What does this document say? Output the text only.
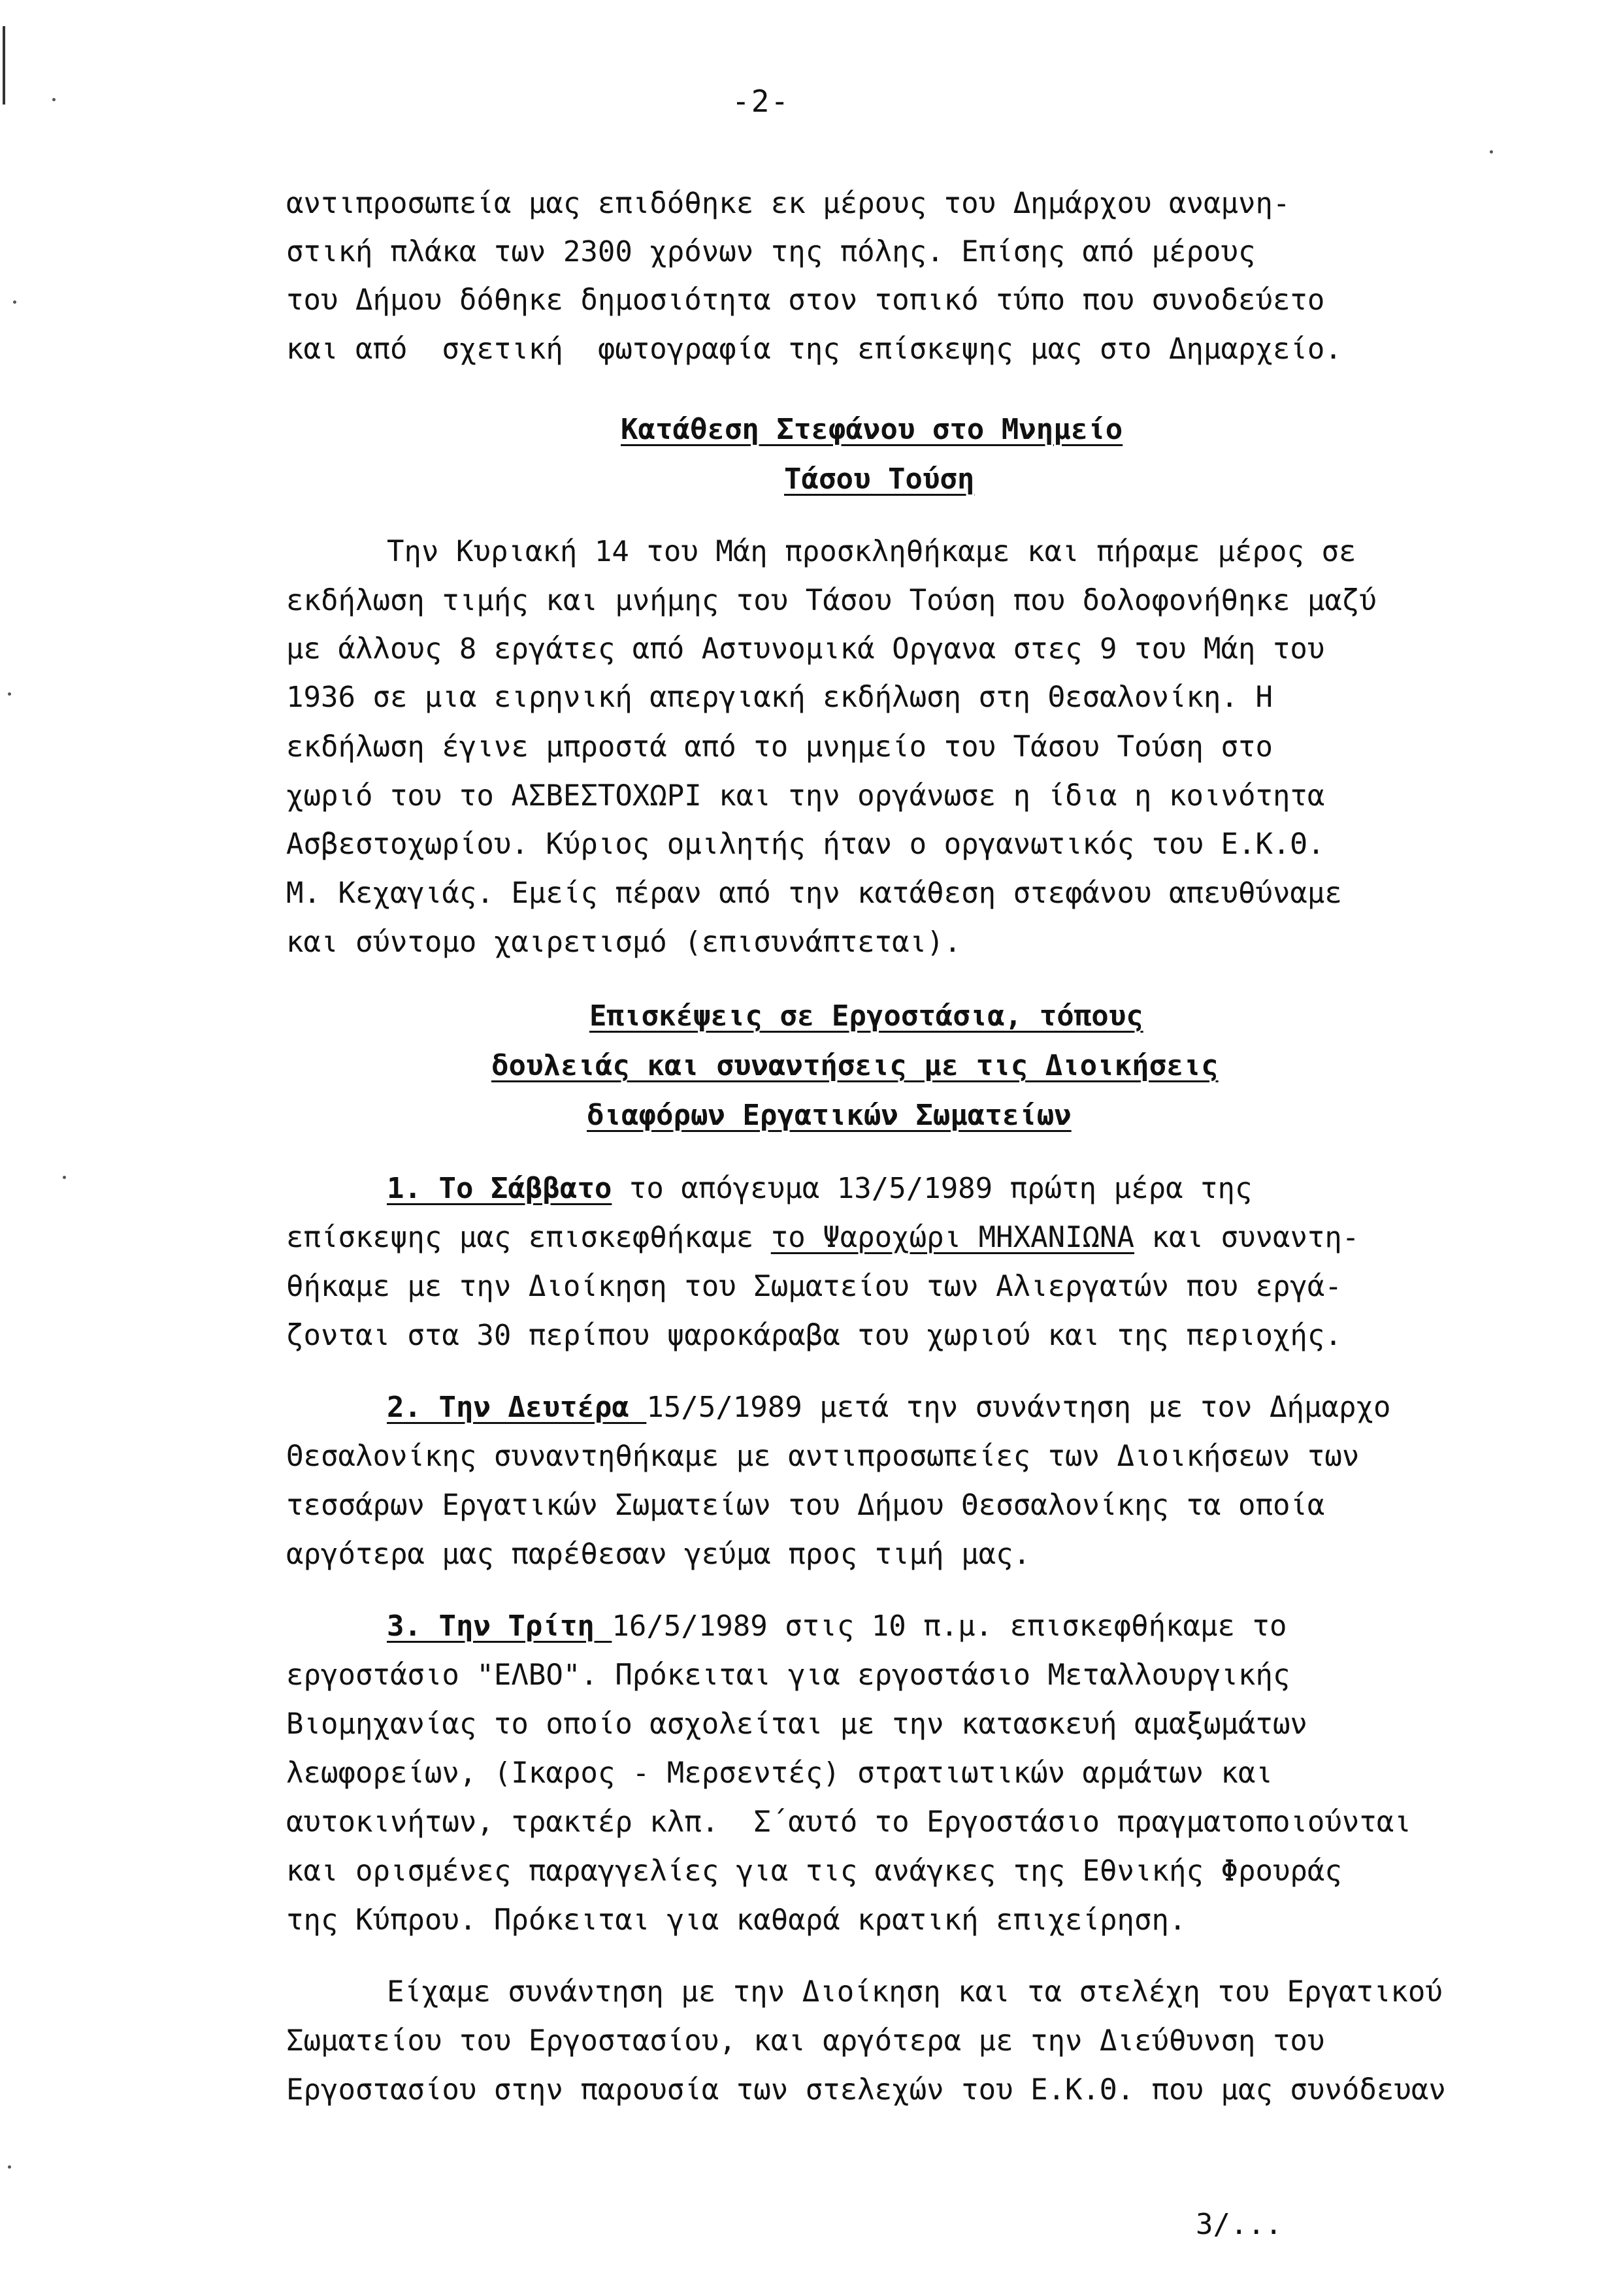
-2-
αντιπροσωπεία μας επιδόθηκε εκ μέρους του Δημάρχου αναμνη-
στική πλάκα των 2300 χρόνων της πόλης. Επίσης από μέρους
του Δήμου δόθηκε δημοσιότητα στον τοπικό τύπο που συνοδεύετο
και από  σχετική  φωτογραφία της επίσκεψης μας στο Δημαρχείο.
Κατάθεση Στεφάνου στο Μνημείο
Τάσου Τούση
Την Κυριακή 14 του Μάη προσκληθήκαμε και πήραμε μέρος σε
εκδήλωση τιμής και μνήμης του Τάσου Τούση που δολοφονήθηκε μαζύ
με άλλους 8 εργάτες από Αστυνομικά Οργανα στες 9 του Μάη του
1936 σε μια ειρηνική απεργιακή εκδήλωση στη Θεσαλονίκη. Η
εκδήλωση έγινε μπροστά από το μνημείο του Τάσου Τούση στο
χωριό του το ΑΣΒΕΣΤΟΧΩΡΙ και την οργάνωσε η ίδια η κοινότητα
Ασβεστοχωρίου. Κύριος ομιλητής ήταν ο οργανωτικός του Ε.Κ.Θ.
Μ. Κεχαγιάς. Εμείς πέραν από την κατάθεση στεφάνου απευθύναμε
και σύντομο χαιρετισμό (επισυνάπτεται).
Επισκέψεις σε Εργοστάσια, τόπους
δουλειάς και συναντήσεις με τις Διοικήσεις
διαφόρων Εργατικών Σωματείων
1. Το Σάββατο το απόγευμα 13/5/1989 πρώτη μέρα της
επίσκεψης μας επισκεφθήκαμε το Ψαροχώρι ΜΗΧΑΝΙΩΝΑ και συναντη-
θήκαμε με την Διοίκηση του Σωματείου των Αλιεργατών που εργά-
ζονται στα 30 περίπου ψαροκάραβα του χωριού και της περιοχής.
2. Την Δευτέρα 15/5/1989 μετά την συνάντηση με τον Δήμαρχο
Θεσαλονίκης συναντηθήκαμε με αντιπροσωπείες των Διοικήσεων των
τεσσάρων Εργατικών Σωματείων του Δήμου Θεσσαλονίκης τα οποία
αργότερα μας παρέθεσαν γεύμα προς τιμή μας.
3. Την Τρίτη 16/5/1989 στις 10 π.μ. επισκεφθήκαμε το
εργοστάσιο "ΕΛΒΟ". Πρόκειται για εργοστάσιο Μεταλλουργικής
Βιομηχανίας το οποίο ασχολείται με την κατασκευή αμαξωμάτων
λεωφορείων, (Ικαρος - Μερσεντές) στρατιωτικών αρμάτων και
αυτοκινήτων, τρακτέρ κλπ.  Σ΄αυτό το Εργοστάσιο πραγματοποιούνται
και ορισμένες παραγγελίες για τις ανάγκες της Εθνικής Φρουράς
της Κύπρου. Πρόκειται για καθαρά κρατική επιχείρηση.
Είχαμε συνάντηση με την Διοίκηση και τα στελέχη του Εργατικού
Σωματείου του Εργοστασίου, και αργότερα με την Διεύθυνση του
Εργοστασίου στην παρουσία των στελεχών του Ε.Κ.Θ. που μας συνόδευαν
3/...
